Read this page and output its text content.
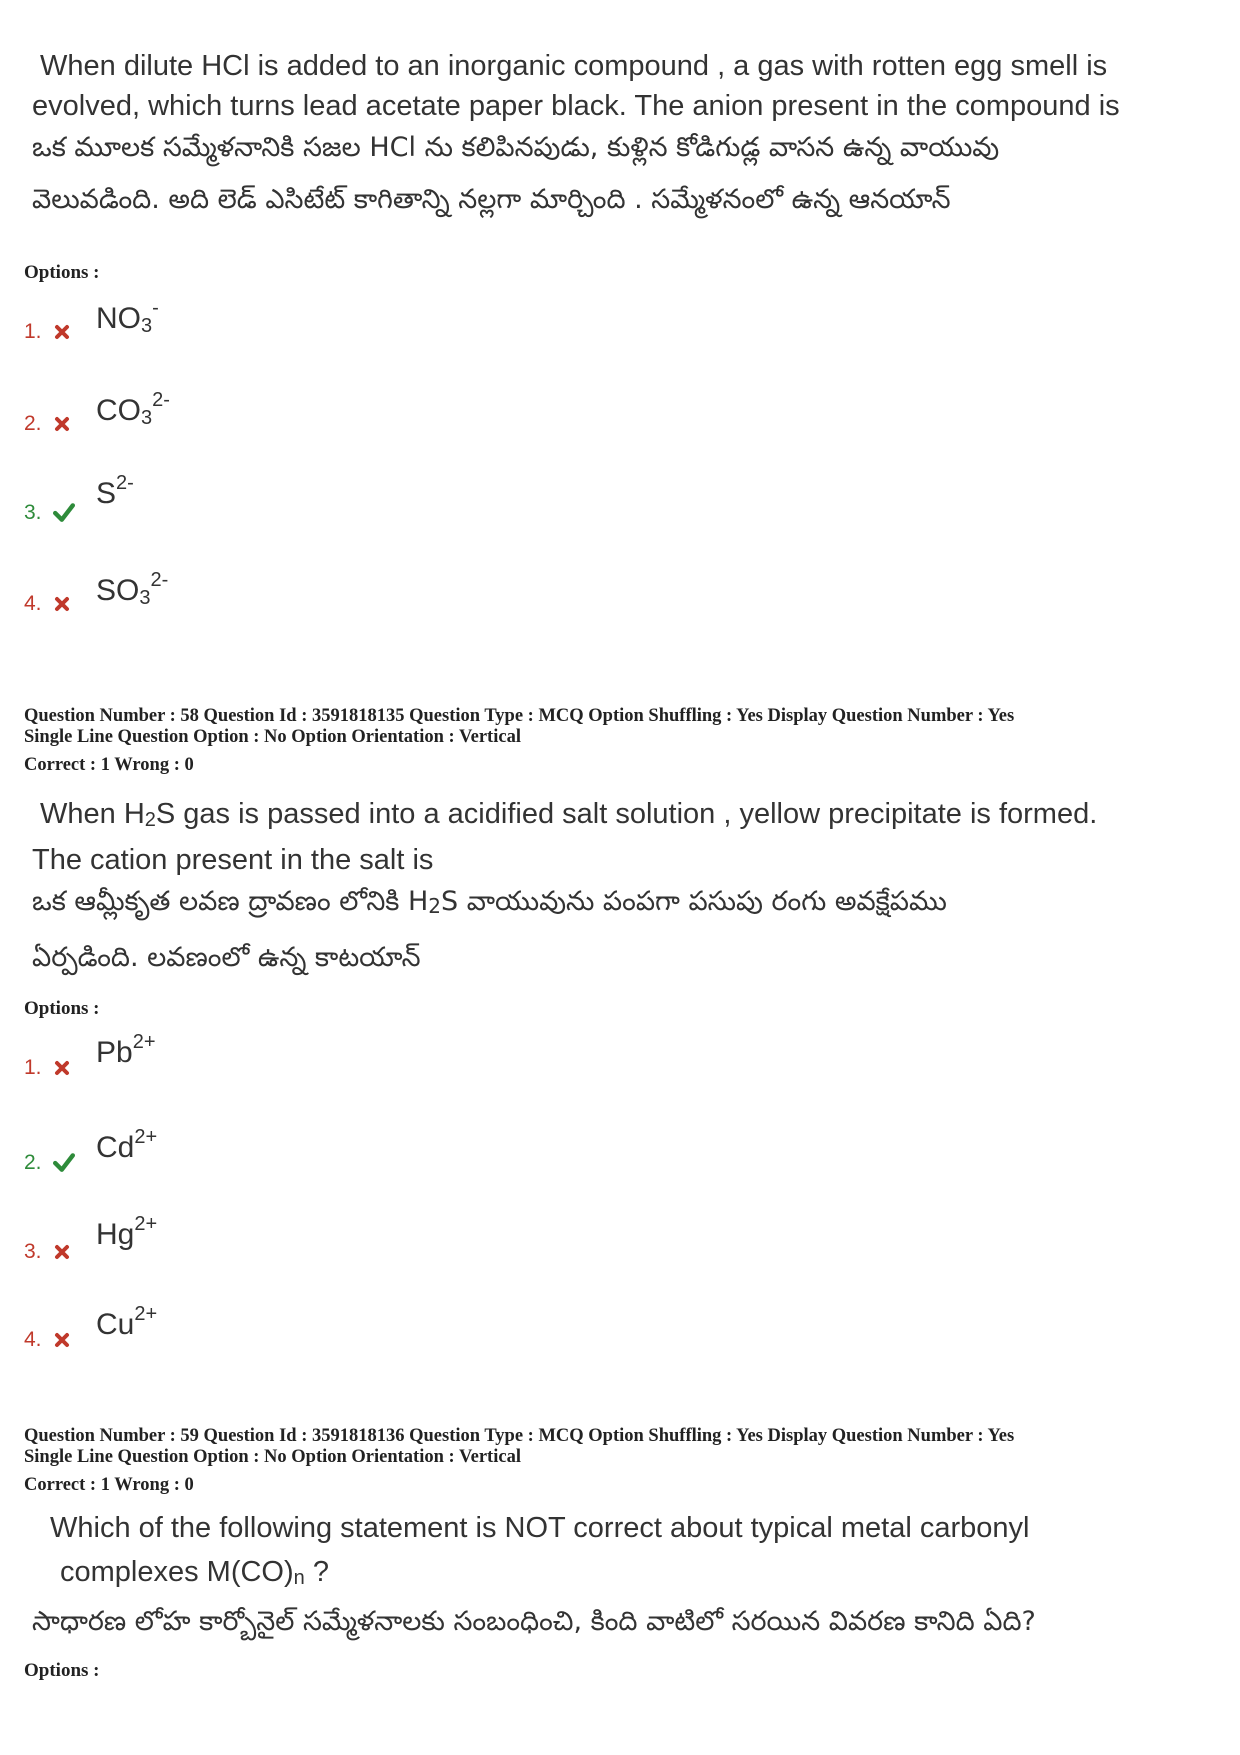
When dilute HCl is added to an inorganic compound , a gas with rotten egg smell is
evolved, which turns lead acetate paper black. The anion present in the compound is
ఒక మూలక సమ్మేళనానికి సజల HCl ను కలిపినపుడు, కుళ్లిన కోడిగుడ్ల వాసన ఉన్న వాయువు
వెలువడింది. అది లెడ్ ఎసిటేట్ కాగితాన్ని నల్లగా మార్చింది . సమ్మేళనంలో ఉన్న ఆనయాన్
Options :
1. $NO_3^-$
2. $CO_3^{2-}$
3.
$S^{2-}$
4. $SO_3^{2-}$
Question Number : 58 Question Id : 3591818135 Question Type : MCQ Option Shuffling : Yes Display Question Number : Yes
Single Line Question Option : No Option Orientation : Vertical
Correct : 1 Wrong : 0
When $H_2S$ gas is passed into a acidified salt solution , yellow precipitate is formed.
The cation present in the salt is
ఒక ఆమ్లీకృత లవణ ద్రావణం లోనికి $H_2S$ వాయువును పంపగా పసుపు రంగు అవక్షేపము
ఏర్పడింది. లవణంలో ఉన్న కాటయాన్
Options :
1. $Pb^{2+}$
2. $Cd^{2+}$
3.
$Hg^{2+}$
4. $Cu^{2+}$
Question Number : 59 Question Id : 3591818136 Question Type : MCQ Option Shuffling : Yes Display Question Number : Yes
Single Line Question Option : No Option Orientation : Vertical
Correct : 1 Wrong : 0
Which of the following statement is NOT correct about typical metal carbonyl
complexes $M(CO)_n$ ?
సాధారణ లోహ కార్బోనైల్ సమ్మేళనాలకు సంబంధించి, కింది వాటిలో సరయిన వివరణ కానిది ఏది?
Options :
